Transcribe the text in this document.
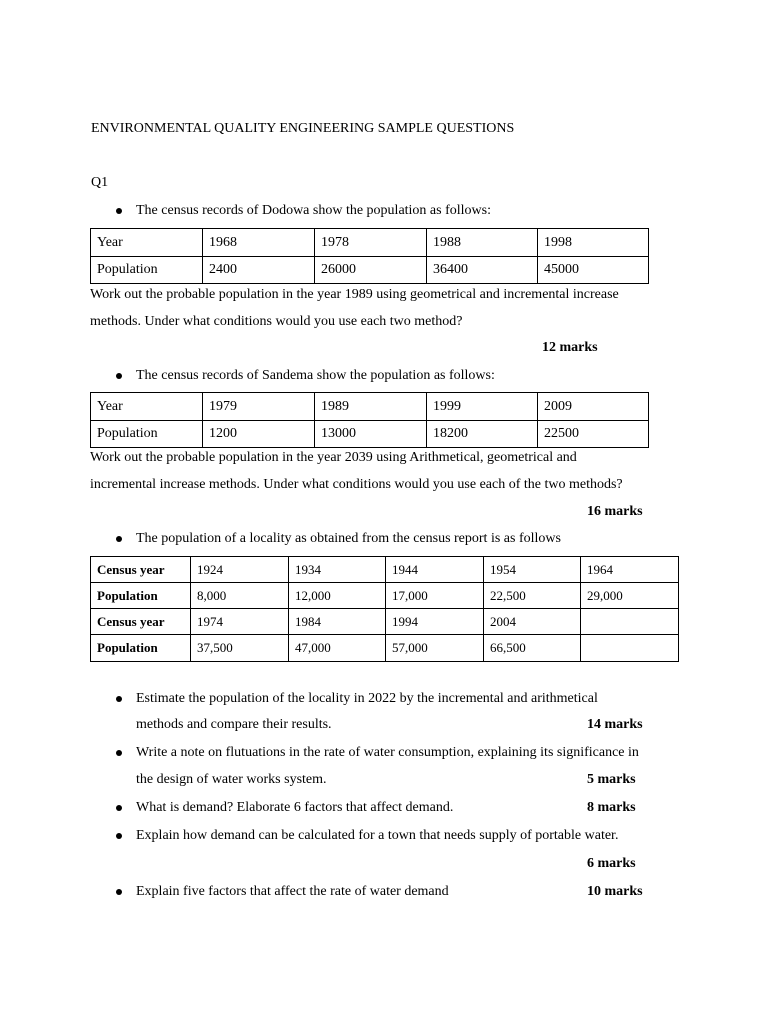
ENVIRONMENTAL QUALITY ENGINEERING SAMPLE QUESTIONS
Q1
The census records of Dodowa show the population as follows:
Year	1968	1978	1988	1998
Population	2400	26000	36400	45000
Work out the probable population in the year 1989 using geometrical and incremental increase
methods. Under what conditions would you use each two method?
12 marks
The census records of Sandema show the population as follows:
Year	1979	1989	1999	2009
Population	1200	13000	18200	22500
Work out the probable population in the year 2039 using Arithmetical, geometrical and
incremental increase methods. Under what conditions would you use each of the two methods?
16 marks
The population of a locality as obtained from the census report is as follows
Census year	1924	1934	1944	1954	1964
Population	8,000	12,000	17,000	22,500	29,000
Census year	1974	1984	1994	2004	
Population	37,500	47,000	57,000	66,500	
Estimate the population of the locality in 2022 by the incremental and arithmetical
methods and compare their results.	14 marks
Write a note on flutuations in the rate of water consumption, explaining its significance in
the design of water works system.	5 marks
What is demand? Elaborate 6 factors that affect demand.	8 marks
Explain how demand can be calculated for a town that needs supply of portable water.
6 marks
Explain five factors that affect the rate of water demand	10 marks
